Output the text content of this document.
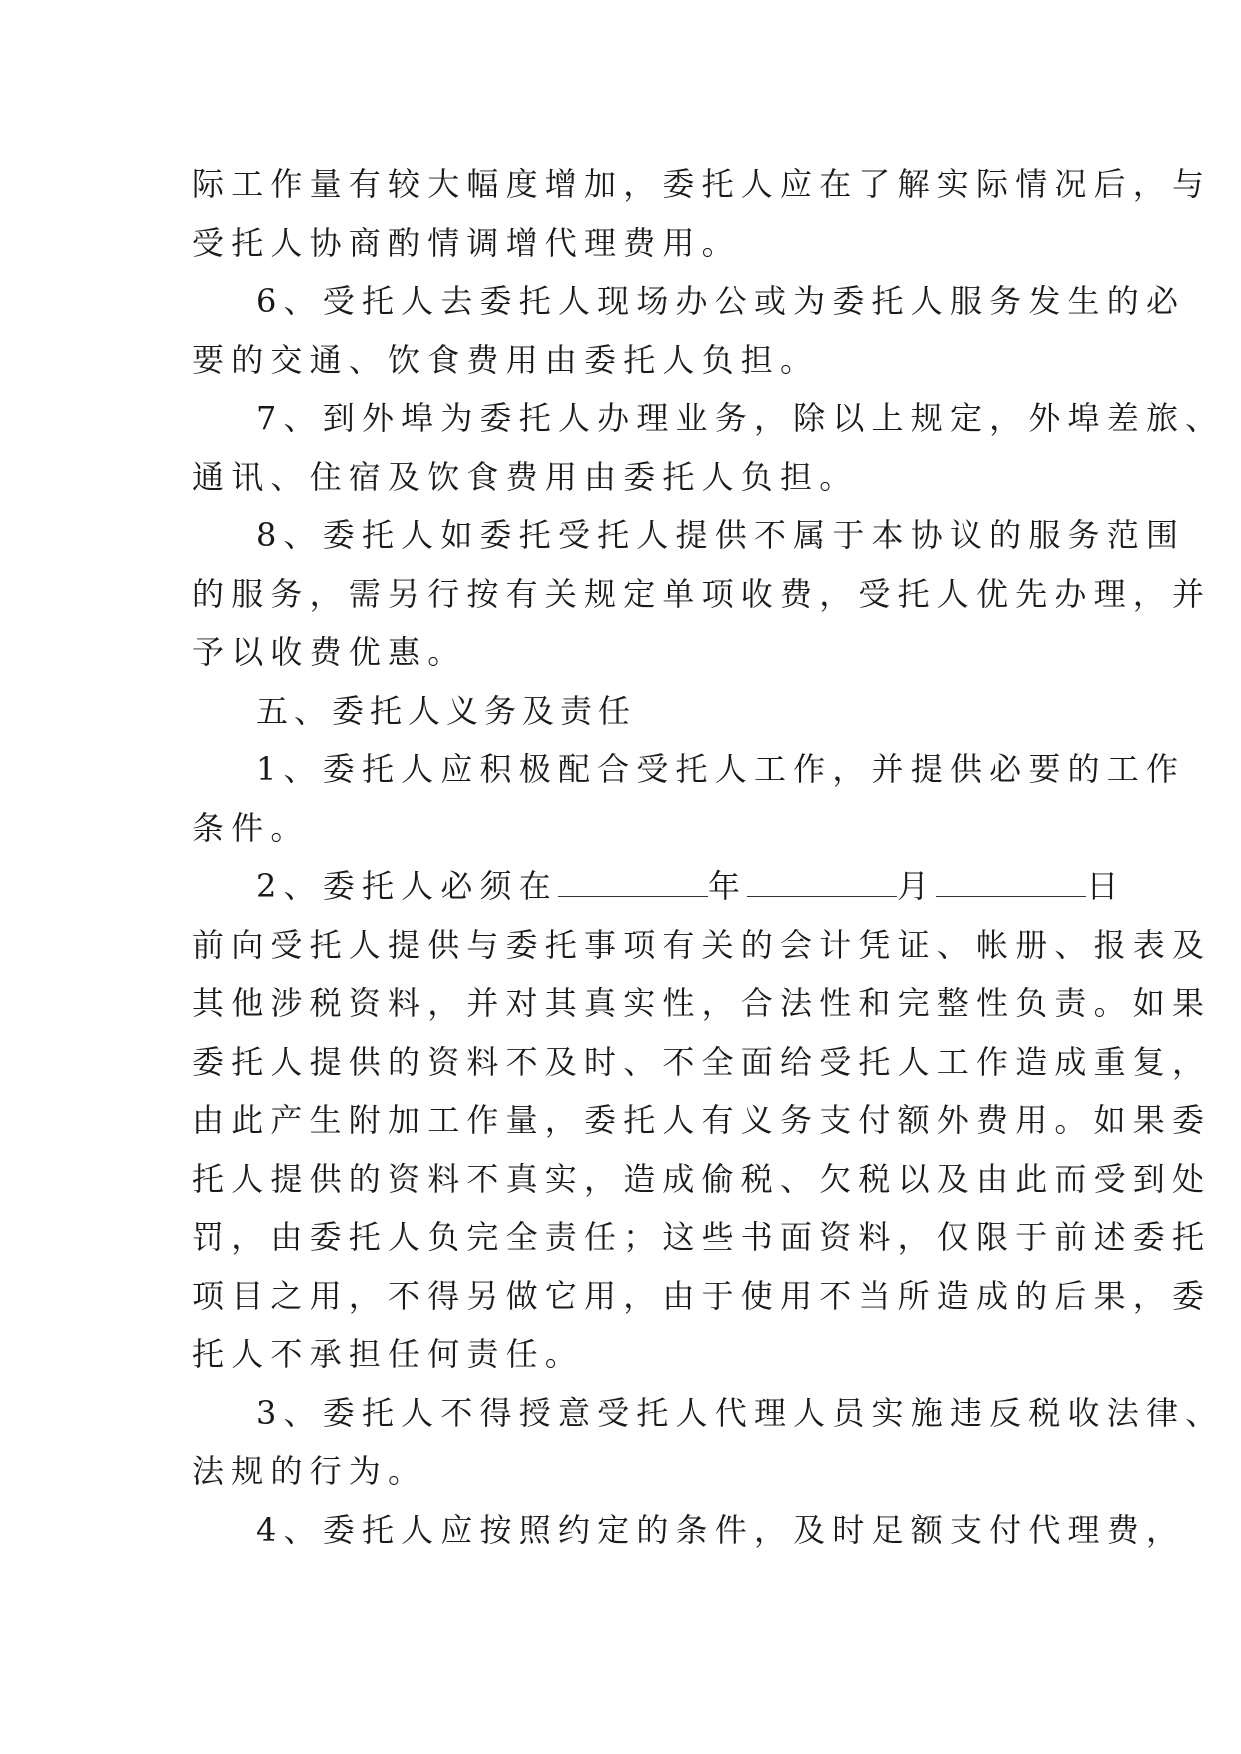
际工作量有较大幅度增加，委托人应在了解实际情况后，与
受托人协商酌情调增代理费用。

6、受托人去委托人现场办公或为委托人服务发生的必
要的交通、饮食费用由委托人负担。

7、到外埠为委托人办理业务，除以上规定，外埠差旅、
通讯、住宿及饮食费用由委托人负担。

8、委托人如委托受托人提供不属于本协议的服务范围
的服务，需另行按有关规定单项收费，受托人优先办理，并
予以收费优惠。

五、委托人义务及责任

1、委托人应积极配合受托人工作，并提供必要的工作
条件。

2、委托人必须在	年	月	日
前向受托人提供与委托事项有关的会计凭证、帐册、报表及
其他涉税资料，并对其真实性，合法性和完整性负责。如果
委托人提供的资料不及时、不全面给受托人工作造成重复，
由此产生附加工作量，委托人有义务支付额外费用。如果委
托人提供的资料不真实，造成偷税、欠税以及由此而受到处
罚，由委托人负完全责任；这些书面资料，仅限于前述委托
项目之用，不得另做它用，由于使用不当所造成的后果，委
托人不承担任何责任。

3、委托人不得授意受托人代理人员实施违反税收法律、
法规的行为。

4、委托人应按照约定的条件，及时足额支付代理费，
